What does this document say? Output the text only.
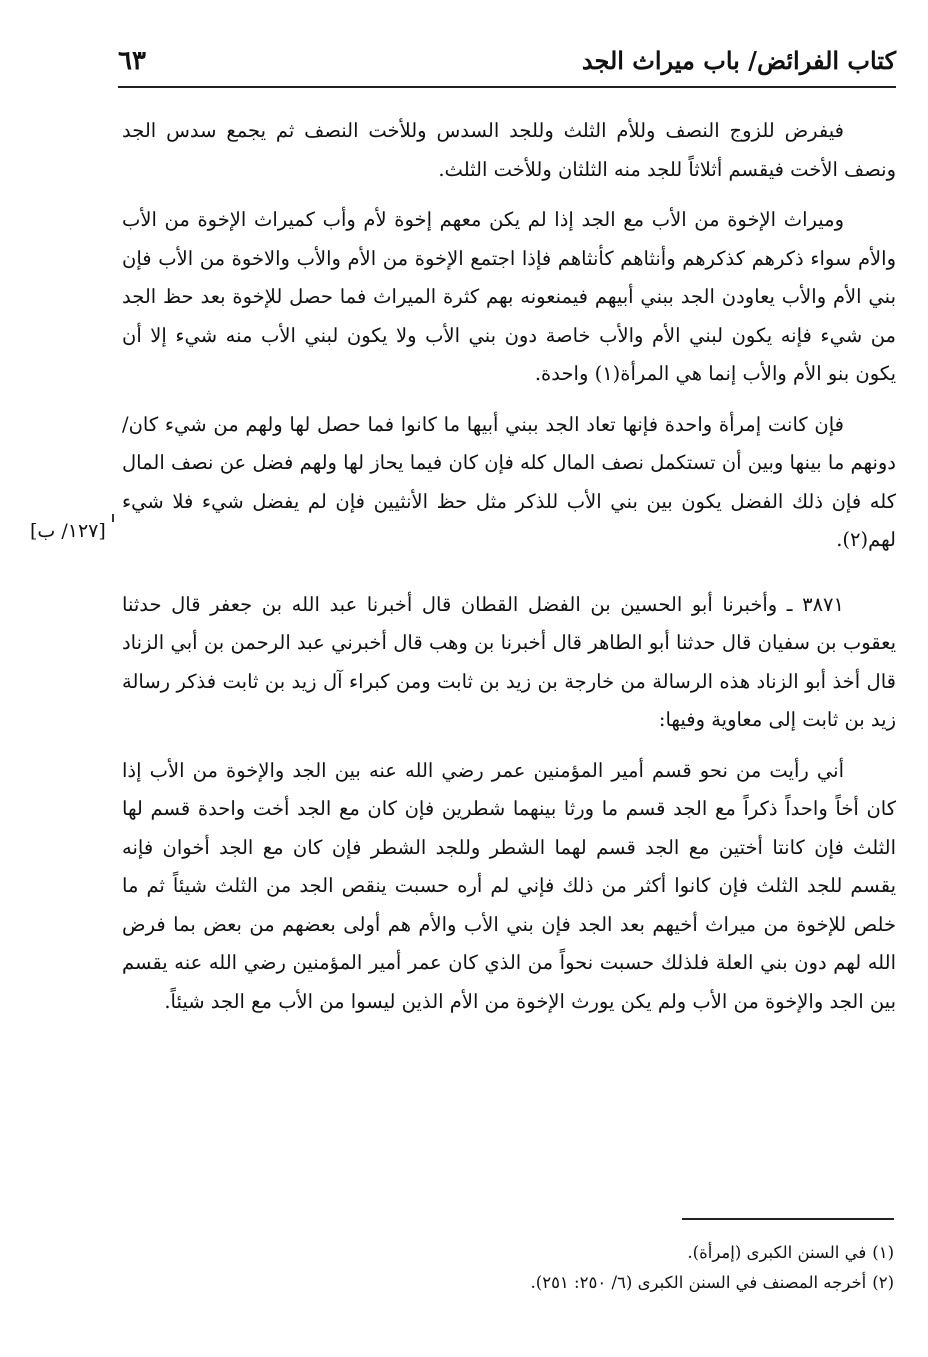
كتاب الفرائض/ باب ميراث الجد
٦٣

فيفرض للزوج النصف وللأم الثلث وللجد السدس وللأخت النصف ثم يجمع سدس الجد ونصف الأخت فيقسم أثلاثاً للجد منه الثلثان وللأخت الثلث.

وميراث الإخوة من الأب مع الجد إذا لم يكن معهم إخوة لأم وأب كميراث الإخوة من الأب والأم سواء ذكرهم كذكرهم وأنثاهم كأنثاهم فإذا اجتمع الإخوة من الأم والأب والاخوة من الأب فإن بني الأم والأب يعاودن الجد ببني أبيهم فيمنعونه بهم كثرة الميراث فما حصل للإخوة بعد حظ الجد من شيء فإنه يكون لبني الأم والأب خاصة دون بني الأب ولا يكون لبني الأب منه شيء إلا أن يكون بنو الأم والأب إنما هي المرأة(١) واحدة.

فإن كانت إمرأة واحدة فإنها تعاد الجد ببني أبيها ما كانوا فما حصل لها ولهم من شيء كان/ دونهم ما بينها وبين أن تستكمل نصف المال كله فإن كان فيما يحاز لها ولهم فضل عن نصف المال كله فإن ذلك الفضل يكون بين بني الأب للذكر مثل حظ الأنثيين فإن لم يفضل شيء فلا شيء لهم(٢).

٣٨٧١ ـ وأخبرنا أبو الحسين بن الفضل القطان قال أخبرنا عبد الله بن جعفر قال حدثنا يعقوب بن سفيان قال حدثنا أبو الطاهر قال أخبرنا بن وهب قال أخبرني عبد الرحمن بن أبي الزناد قال أخذ أبو الزناد هذه الرسالة من خارجة بن زيد بن ثابت ومن كبراء آل زيد بن ثابت فذكر رسالة زيد بن ثابت إلى معاوية وفيها:

أني رأيت من نحو قسم أمير المؤمنين عمر رضي الله عنه بين الجد والإخوة من الأب إذا كان أخاً واحداً ذكراً مع الجد قسم ما ورثا بينهما شطرين فإن كان مع الجد أخت واحدة قسم لها الثلث فإن كانتا أختين مع الجد قسم لهما الشطر وللجد الشطر فإن كان مع الجد أخوان فإنه يقسم للجد الثلث فإن كانوا أكثر من ذلك فإني لم أره حسبت ينقص الجد من الثلث شيئاً ثم ما خلص للإخوة من ميراث أخيهم بعد الجد فإن بني الأب والأم هم أولى بعضهم من بعض بما فرض الله لهم دون بني العلة فلذلك حسبت نحواً من الذي كان عمر أمير المؤمنين رضي الله عنه يقسم بين الجد والإخوة من الأب ولم يكن يورث الإخوة من الأم الذين ليسوا من الأب مع الجد شيئاً.

[١٢٧/ ب]
(١)في السنن الكبرى (إمرأة).
(٢)أخرجه المصنف في السنن الكبرى (٦/ ٢٥٠: ٢٥١).
